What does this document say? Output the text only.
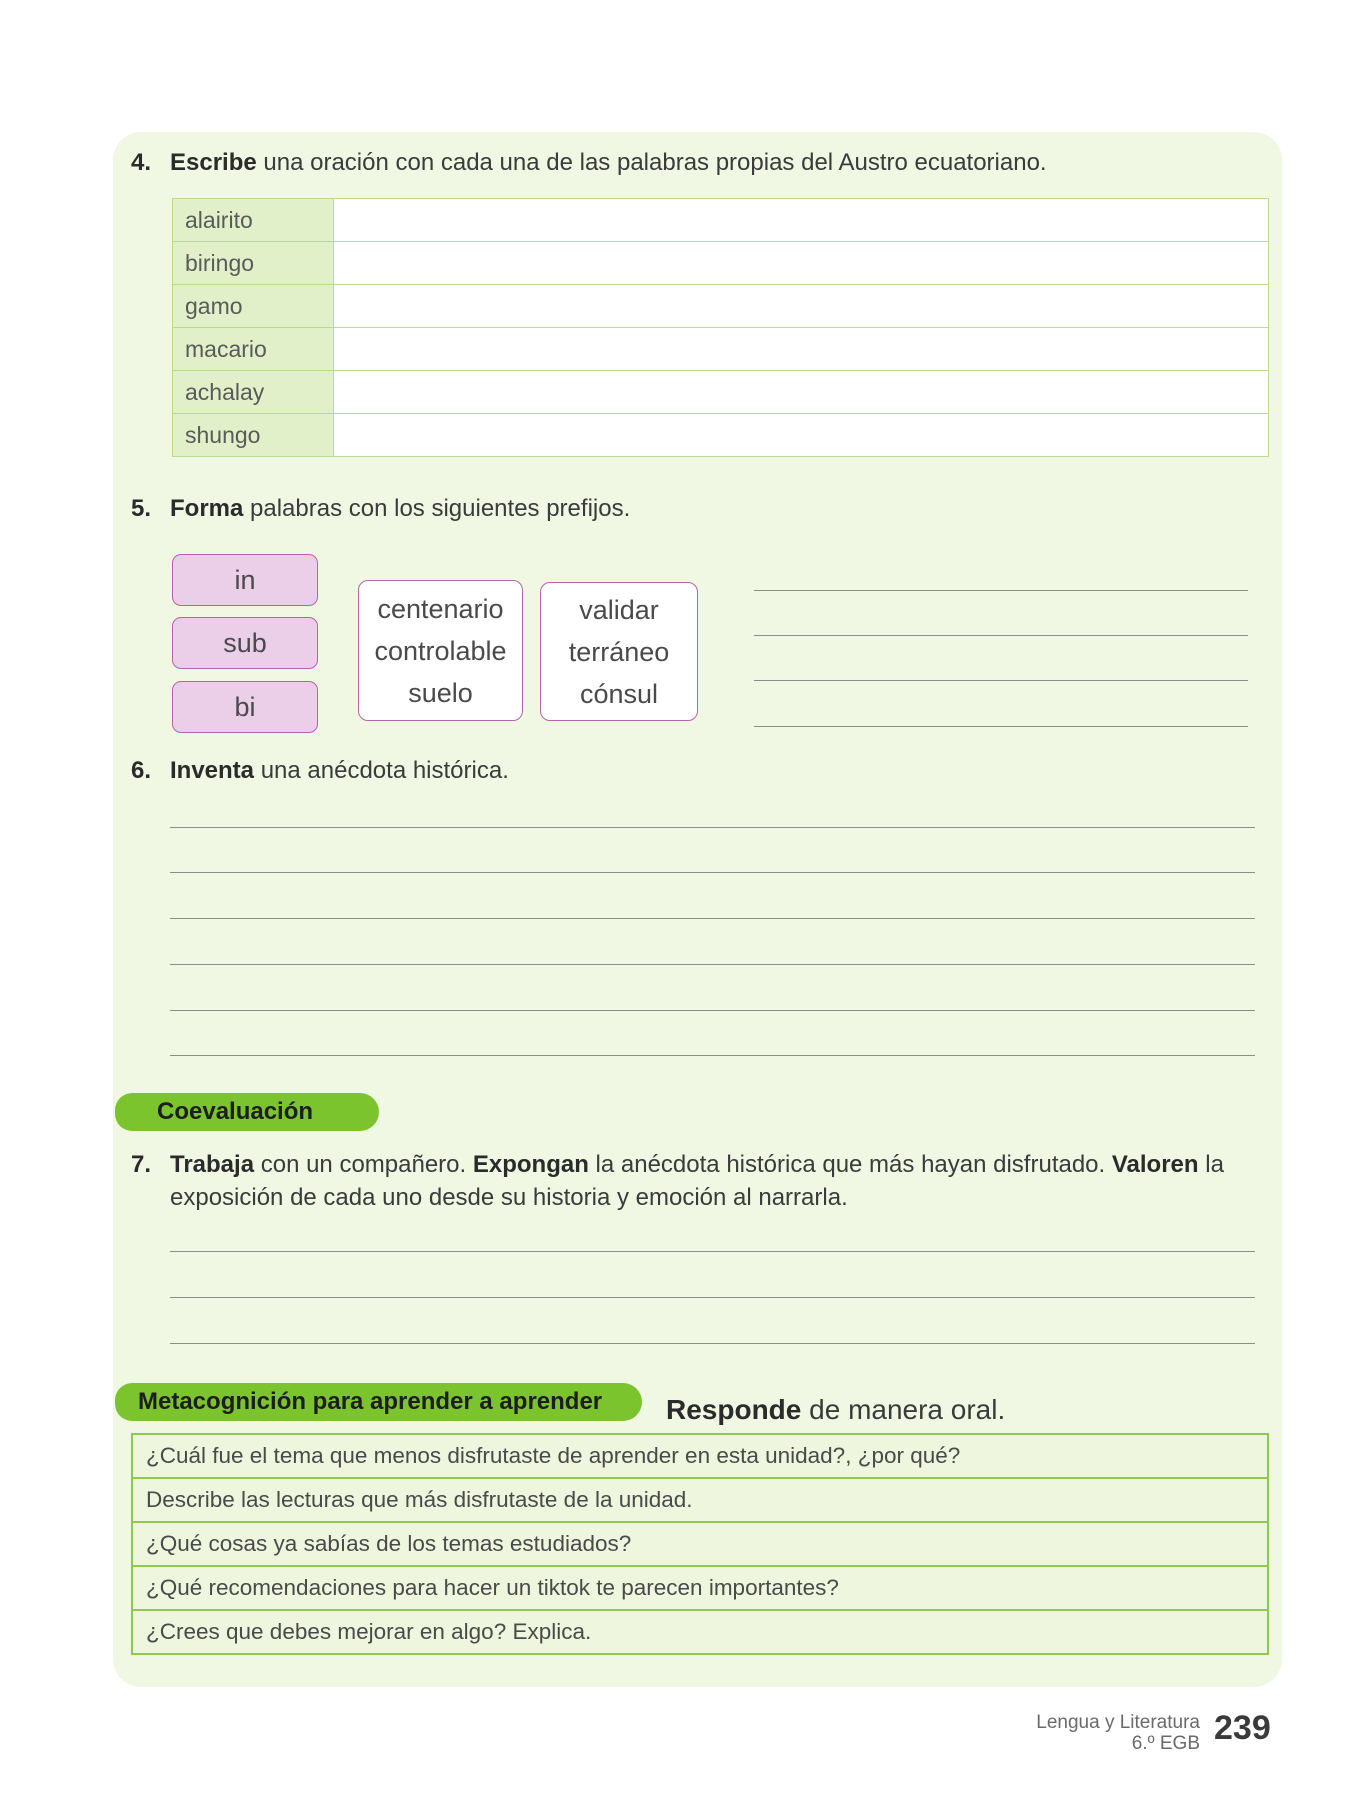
4. Escribe una oración con cada una de las palabras propias del Austro ecuatoriano.
alairito	
biringo	
gamo	
macario	
achalay	
shungo	
5. Forma palabras con los siguientes prefijos.
in
sub
bi
centenario
controlable
suelo
validar
terráneo
cónsul
6. Inventa una anécdota histórica.
Coevaluación
7. Trabaja con un compañero. Expongan la anécdota histórica que más hayan disfrutado. Valoren la
exposición de cada uno desde su historia y emoción al narrarla.
Metacognición para aprender a aprender	Responde de manera oral.
¿Cuál fue el tema que menos disfrutaste de aprender en esta unidad?, ¿por qué?
Describe las lecturas que más disfrutaste de la unidad.
¿Qué cosas ya sabías de los temas estudiados?
¿Qué recomendaciones para hacer un tiktok te parecen importantes?
¿Crees que debes mejorar en algo? Explica.
Lengua y Literatura
6.º EGB 239
